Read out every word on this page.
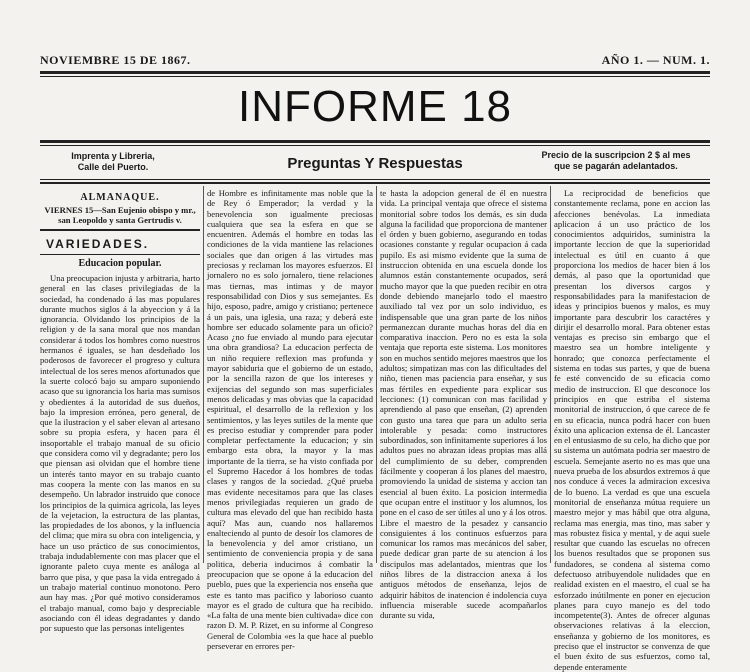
NOVIEMBRE 15 DE 1867.	AÑO 1. — NUM. 1.
INFORME 18
Imprenta y Libreria,
Calle del Puerto.	Preguntas Y Respuestas	Precio de la suscripcion 2 $ al mes
que se pagarán adelantados.

ALMANAQUE.

VIERNES 15—San Eujenio obispo y mr., san Leopoldo y santa Gertrudis v.

VARIEDADES.

Educacion popular.

Una preocupacion injusta y arbitraria, harto general en las clases privilegiadas de la sociedad, ha condenado á las mas populares durante muchos siglos á la abyeccion y á la ignorancia. Olvidando los principios de la religion y de la sana moral que nos mandan considerar á todos los hombres como nuestros hermanos é iguales, se han desdeñado los poderosos de favorecer el progreso y cultura intelectual de los seres menos afortunados que la suerte colocó bajo su amparo suponiendo acaso que su ignorancia los haria mas sumisos y obedientes á la autoridad de sus dueños, bajo la impresion errónea, pero general, de que la ilustracion y el saber elevan al artesano sobre su propia esfera, y hacen para él insoportable el trabajo manual de su oficio que considera como vil y degradante; pero los que piensan asi olvidan que el hombre tiene un interés tanto mayor en su trabajo cuanto mas coopera la mente con las manos en su desempeño. Un labrador instruido que conoce los principios de la quimica agricola, las leyes de la vejetacion, la estructura de las plantas, las propiedades de los abonos, y la influencia del clima; que mira su obra con inteligencia, y hace un uso práctico de sus conocimientos, trabaja indudablemente con mas placer que el ignorante paleto cuya mente es análoga al barro que pisa, y que pasa la vida entregado á un trabajo material continuo monotono. Pero aun hay mas. ¿Por qué motivo consideramos el trabajo manual, como bajo y despreciable asociando con él ideas degradantes y dando por supuesto que las personas inteligentes

de Hombre es infinitamente mas noble que la de Rey ó Emperador; la verdad y la benevolencia son igualmente preciosas cualquiera que sea la esfera en que se encuentren. Además el hombre en todas las condiciones de la vida mantiene las relaciones sociales que dan origen á las virtudes mas preciosas y reclaman los mayores esfuerzos. El jornalero no es solo jornalero, tiene relaciones mas tiernas, mas intimas y de mayor responsabilidad con Dios y sus semejantes. Es hijo, esposo, padre, amigo y cristiano; pertenece á un pais, una iglesia, una raza; y deberá este hombre ser educado solamente para un oficio? Acaso ¿no fue enviado al mundo para ejecutar una obra grandiosa? La educacion perfecta de un niño requiere reflexion mas profunda y mayor sabiduria que el gobierno de un estado, por la sencilla razon de que los intereses y exijencias del segundo son mas superficiales menos delicadas y mas obvias que la capacidad espiritual, el desarrollo de la reflexion y los sentimientos, y las leyes sutiles de la mente que es preciso estudiar y comprender para poder completar perfectamente la educacion; y sin embargo esta obra, la mayor y la mas importante de la tierra, se ha visto confiada por el Supremo Hacedor á los hombres de todas clases y rangos de la sociedad. ¿Qué prueba mas evidente necesitamos para que las clases menos privilegiadas requieren un grado de cultura mas elevado del que han recibido hasta aquí? Mas aun, cuando nos hallaremos enalteciendo al punto de desoír los clamores de la benevolencia y del amor cristiano, un sentimiento de conveniencia propia y de sana politica, deberia inducirnos á combatir la preocupacion que se opone á la educacion del pueblo, pues que la experiencia nos enseña que este es tanto mas pacifico y laborioso cuanto mayor es el grado de cultura que ha recibido. «La falta de una mente bien cultivada» dice con razon D. M. P. Rizet, en su informe al Congreso General de Colombia «es la que hace al pueblo perseverar en errores per-

te hasta la adopcion general de él en nuestra vida. La principal ventaja que ofrece el sistema monitorial sobre todos los demás, es sin duda alguna la facilidad que proporciona de mantener el órden y buen gobierno, asegurando en todas ocasiones constante y regular ocupacion á cada pupilo. Es asi mismo evidente que la suma de instruccion obtenida en una escuela donde los alumnos están constantemente ocupados, será mucho mayor que la que pueden recibir en otra donde debiendo manejarlo todo el maestro auxiliado tal vez por un solo individuo, es indispensable que una gran parte de los niños permanezcan durante muchas horas del dia en comparativa inaccion. Pero no es esta la sola ventaja que reporta este sistema. Los monitores son en muchos sentido mejores maestros que los adultos; simpatizan mas con las dificultades del niño, tienen mas paciencia para enseñar, y sus mas fértiles en expediente para explicar sus lecciones: (1) comunican con mas facilidad y aprendiendo al paso que enseñan, (2) aprenden con gusto una tarea que para un adulto seria intolerable y pesada: como instructores subordinados, son infinitamente superiores á los adultos pues no abrazan ideas propias mas allá del cumplimiento de su deber, comprenden fácilmente y cooperan á los planes del maestro, promoviendo la unidad de sistema y accion tan esencial al buen éxito. La posicion intermedia que ocupan entre el instituor y los alumnos, los pone en el caso de ser útiles al uno y á los otros. Libre el maestro de la pesadez y cansancio consiguientes á los continuos esfuerzos para comunicar los ramos mas mecánicos del saber, puede dedicar gran parte de su atencion á los discipulos mas adelantados, mientras que los niños libres de la distraccion anexa á los antiguos métodos de enseñanza, lejos de adquirir hábitos de inatencion é indolencia cuya influencia miserable sucede acompañarlos durante su vida,

La reciprocidad de beneficios que constantemente reclama, pone en accion las afecciones benévolas. La inmediata aplicacion á un uso práctico de los conocimientos adquiridos, suministra la importante leccion de que la superioridad intelectual es útil en cuanto á que proporciona los medios de hacer bien á los demás, al paso que la oportunidad que presentan los diversos cargos y responsabilidades para la manifestacion de ideas y principios buenos y malos, es muy importante para descubrir los caractéres y dirijir el desarrollo moral. Para obtener estas ventajas es preciso sin embargo que el maestro sea un hombre inteligente y honrado; que conozca perfectamente el sistema en todas sus partes, y que de buena fe esté convencido de su eficacia como medio de instruccion. El que desconoce los principios en que estriba el sistema monitorial de instruccion, ó que carece de fe en su eficacia, nunca podrá hacer con buen éxito una aplicacion extensa de él. Lancaster en el entusiasmo de su celo, ha dicho que por su sistema un autómata podria ser maestro de escuela. Semejante aserto no es mas que una nueva prueba de los absurdos extremos á que nos conduce á veces la admiracion excesiva de lo bueno. La verdad es que una escuela monitorial de enseñanza mútua requiere un maestro mejor y mas hábil que otra alguna, reclama mas energia, mas tino, mas saber y mas robustez fisica y mental, y de aqui suele resultar que cuando las escuelas no ofrecen los buenos resultados que se proponen sus fundadores, se condena al sistema como defectuoso atribuyendole nulidades que en realidad existen en el maestro, el cual se ha esforzado inútilmente en poner en ejecucion planes para cuyo manejo es del todo incompetente(3). Antes de ofrecer algunas observaciones relativas á la eleccion, enseñanza y gobierno de los monitores, es preciso que el instructor se convenza de que el buen éxito de sus esfuerzos, como tal, depende enteramente
